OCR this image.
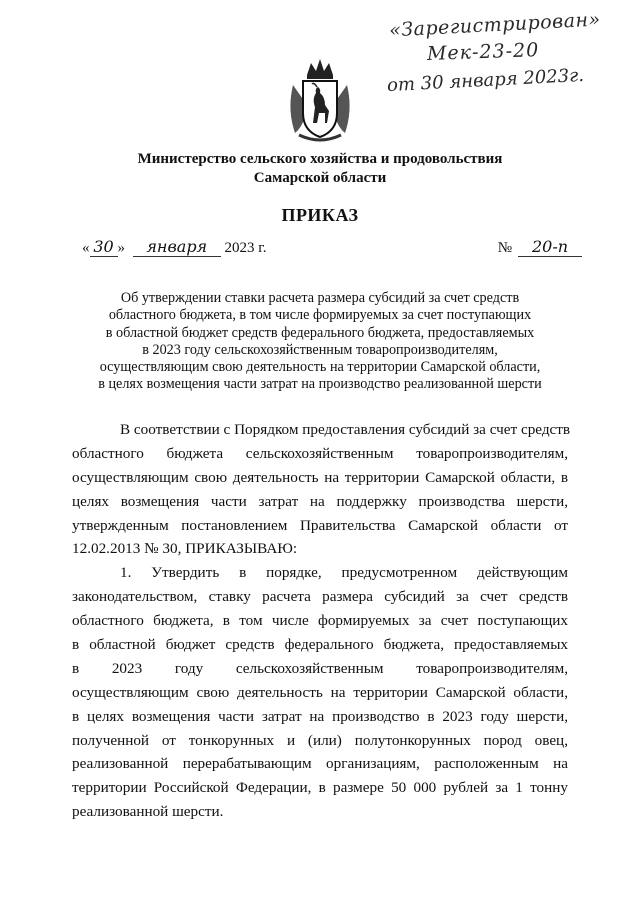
«Зарегистрирован»
Мек-23-20
от 30 января 2023г.
Министерство сельского хозяйства и продовольствия
Самарской области
ПРИКАЗ
« 30 » января 2023 г.	№ 20-п
Об утверждении ставки расчета размера субсидий за счет средств
областного бюджета, в том числе формируемых за счет поступающих
в областной бюджет средств федерального бюджета, предоставляемых
в 2023 году сельскохозяйственным товаропроизводителям,
осуществляющим свою деятельность на территории Самарской области,
в целях возмещения части затрат на производство реализованной шерсти
В соответствии с Порядком предоставления субсидий за счет средств
областного бюджета сельскохозяйственным товаропроизводителям,
осуществляющим свою деятельность на территории Самарской области, в
целях возмещения части затрат на поддержку производства шерсти,
утвержденным постановлением Правительства Самарской области от
12.02.2013 № 30, ПРИКАЗЫВАЮ:
1. Утвердить в порядке, предусмотренном действующим
законодательством, ставку расчета размера субсидий за счет средств
областного бюджета, в том числе формируемых за счет поступающих
в областной бюджет средств федерального бюджета, предоставляемых
в 2023 году сельскохозяйственным товаропроизводителям,
осуществляющим свою деятельность на территории Самарской области,
в целях возмещения части затрат на производство в 2023 году шерсти,
полученной от тонкорунных и (или) полутонкорунных пород овец,
реализованной перерабатывающим организациям, расположенным на
территории Российской Федерации, в размере 50 000 рублей за 1 тонну
реализованной шерсти.
